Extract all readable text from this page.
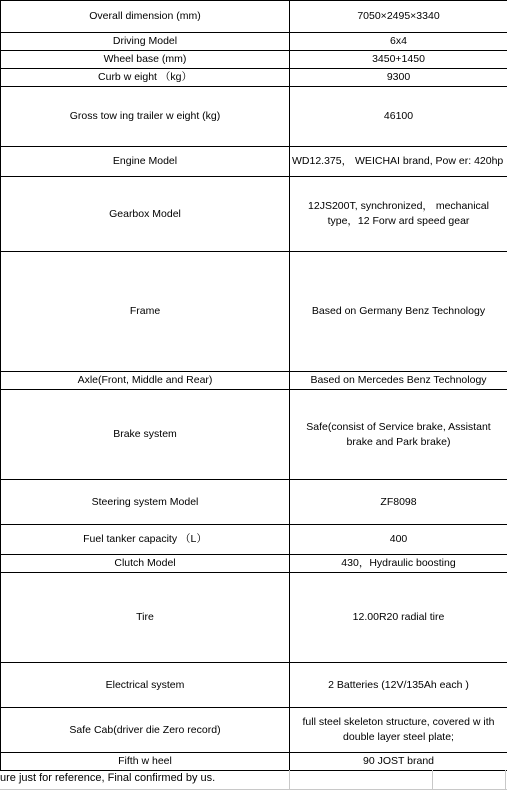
Overall dimension (mm)	7050×2495×3340
Driving Model	6x4
Wheel base (mm)	3450+1450
Curb w eight （kg）	9300
Gross tow ing trailer w eight (kg)	46100
Engine Model	WD12.375， WEICHAI brand, Pow er: 420hp
Gearbox Model	12JS200T, synchronized， mechanical
type，12 Forw ard speed gear

Frame	Based on Germany Benz Technology
Axle(Front, Middle and Rear)	Based on Mercedes Benz Technology
Brake system	Safe(consist of Service brake, Assistant
brake and Park brake)

Steering system Model	ZF8098
Fuel tanker capacity （L）	400
Clutch Model	430，Hydraulic boosting
Tire	12.00R20 radial tire
Electrical system	2 Batteries (12V/135Ah each )
Safe Cab(driver die Zero record)	full steel skeleton structure, covered w ith
double layer steel plate;

Fifth w heel	90 JOST brand
ure just for reference, Final confirmed by us.
